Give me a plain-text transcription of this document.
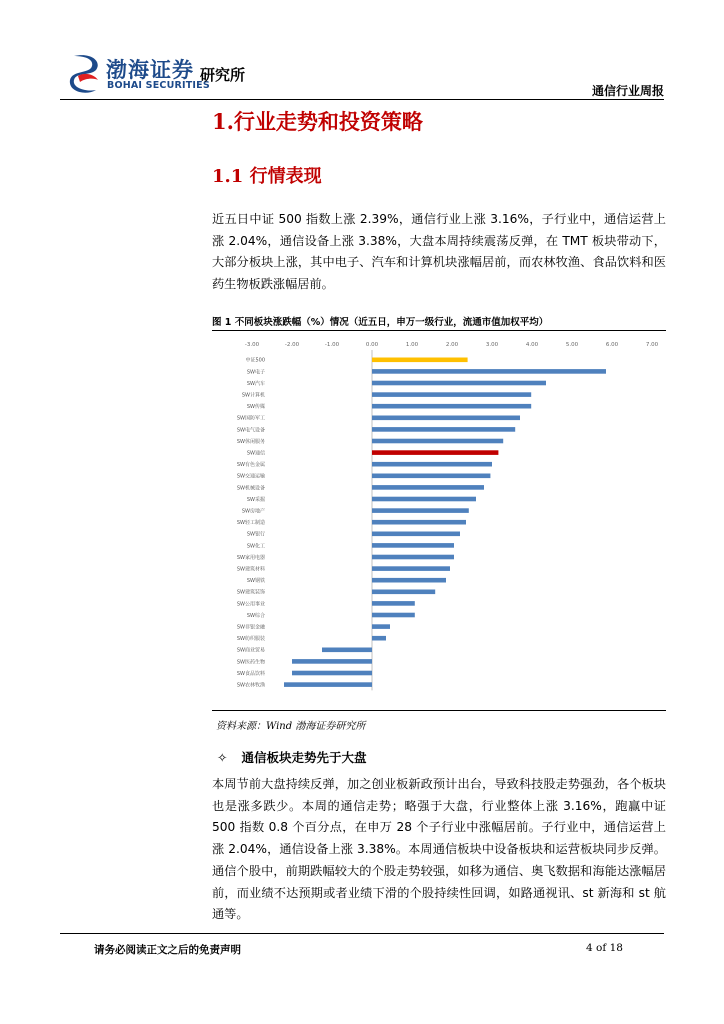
渤海证券
BOHAI SECURITIES
研究所
通信行业周报
1.行业走势和投资策略
1.1 行情表现
近五日中证 500 指数上涨 2.39%，通信行业上涨 3.16%，子行业中，通信运营上涨 2.04%，通信设备上涨 3.38%，大盘本周持续震荡反弹，在 TMT 板块带动下，大部分板块上涨，其中电子、汽车和计算机块涨幅居前，而农林牧渔、食品饮料和医药生物板跌涨幅居前。
图 1 不同板块涨跌幅（%）情况（近五日，申万一级行业，流通市值加权平均）
-3.00	-2.00	-1.00	0.00	1.00	2.00	3.00	4.00	5.00	6.00	7.00
中证500
SW电子
SW汽车
SW计算机
SW传媒
SW国防军工
SW电气设备
SW休闲服务
SW通信
SW有色金属
SW交通运输
SW机械设备
SW采掘
SW房地产
SW轻工制造
SW银行
SW化工
SW家用电器
SW建筑材料
SW钢铁
SW建筑装饰
SW公用事业
SW综合
SW非银金融
SW纺织服装
SW商业贸易
SW医药生物
SW食品饮料
SW农林牧渔
资料来源：Wind 渤海证券研究所
✧ 通信板块走势先于大盘
本周节前大盘持续反弹，加之创业板新政预计出台，导致科技股走势强劲，各个板块也是涨多跌少。本周的通信走势；略强于大盘，行业整体上涨 3.16%，跑赢中证 500 指数 0.8 个百分点，在申万 28 个子行业中涨幅居前。子行业中，通信运营上涨 2.04%，通信设备上涨 3.38%。本周通信板块中设备板块和运营板块同步反弹。通信个股中，前期跌幅较大的个股走势较强，如移为通信、奥飞数据和海能达涨幅居前，而业绩不达预期或者业绩下滑的个股持续性回调，如路通视讯、st 新海和 st 航通等。
请务必阅读正文之后的免责声明	4 of 18
